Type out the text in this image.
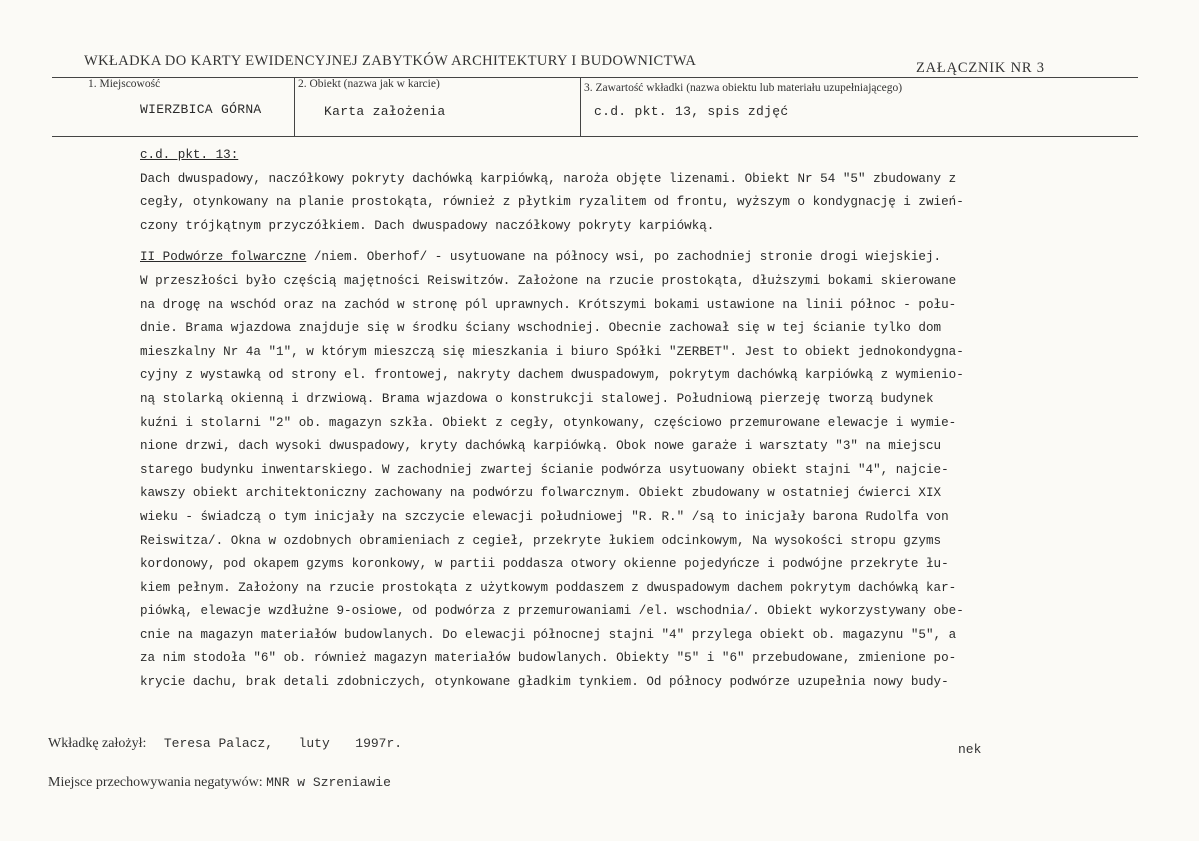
WKŁADKA DO KARTY EWIDENCYJNEJ ZABYTKÓW ARCHITEKTURY I BUDOWNICTWA	ZAŁĄCZNIK NR 3
1. Miejscowość
WIERZBICA GÓRNA
2. Obiekt (nazwa jak w karcie)
Karta założenia
3. Zawartość wkładki (nazwa obiektu lub materiału uzupełniającego)
c.d. pkt. 13, spis zdjęć
c.d. pkt. 13:
Dach dwuspadowy, naczółkowy pokryty dachówką karpiówką, naroża objęte lizenami. Obiekt Nr 54 "5" zbudowany z
cegły, otynkowany na planie prostokąta, również z płytkim ryzalitem od frontu, wyższym o kondygnację i zwień-
czony trójkątnym przyczółkiem. Dach dwuspadowy naczółkowy pokryty karpiówką.
II Podwórze folwarczne /niem. Oberhof/ - usytuowane na północy wsi, po zachodniej stronie drogi wiejskiej.
W przeszłości było częścią majętności Reiswitzów. Założone na rzucie prostokąta, dłuższymi bokami skierowane
na drogę na wschód oraz na zachód w stronę pól uprawnych. Krótszymi bokami ustawione na linii północ - połu-
dnie. Brama wjazdowa znajduje się w środku ściany wschodniej. Obecnie zachował się w tej ścianie tylko dom
mieszkalny Nr 4a "1", w którym mieszczą się mieszkania i biuro Spółki "ZERBET". Jest to obiekt jednokondygna-
cyjny z wystawką od strony el. frontowej, nakryty dachem dwuspadowym, pokrytym dachówką karpiówką z wymienio-
ną stolarką okienną i drzwiową. Brama wjazdowa o konstrukcji stalowej. Południową pierzeję tworzą budynek
kuźni i stolarni "2" ob. magazyn szkła. Obiekt z cegły, otynkowany, częściowo przemurowane elewacje i wymie-
nione drzwi, dach wysoki dwuspadowy, kryty dachówką karpiówką. Obok nowe garaże i warsztaty "3" na miejscu
starego budynku inwentarskiego. W zachodniej zwartej ścianie podwórza usytuowany obiekt stajni "4", najcie-
kawszy obiekt architektoniczny zachowany na podwórzu folwarcznym. Obiekt zbudowany w ostatniej ćwierci XIX
wieku - świadczą o tym inicjały na szczycie elewacji południowej "R. R." /są to inicjały barona Rudolfa von
Reiswitza/. Okna w ozdobnych obramieniach z cegieł, przekryte łukiem odcinkowym, Na wysokości stropu gzyms
kordonowy, pod okapem gzyms koronkowy, w partii poddasza otwory okienne pojedyńcze i podwójne przekryte łu-
kiem pełnym. Założony na rzucie prostokąta z użytkowym poddaszem z dwuspadowym dachem pokrytym dachówką kar-
piówką, elewacje wzdłużne 9-osiowe, od podwórza z przemurowaniami /el. wschodnia/. Obiekt wykorzystywany obe-
cnie na magazyn materiałów budowlanych. Do elewacji północnej stajni "4" przylega obiekt ob. magazynu "5", a
za nim stodoła "6" ob. również magazyn materiałów budowlanych. Obiekty "5" i "6" przebudowane, zmienione po-
krycie dachu, brak detali zdobniczych, otynkowane gładkim tynkiem. Od północy podwórze uzupełnia nowy budy-
Wkładkę założył: Teresa Palacz, luty 1997r.	nek
Miejsce przechowywania negatywów: MNR w Szreniawie
